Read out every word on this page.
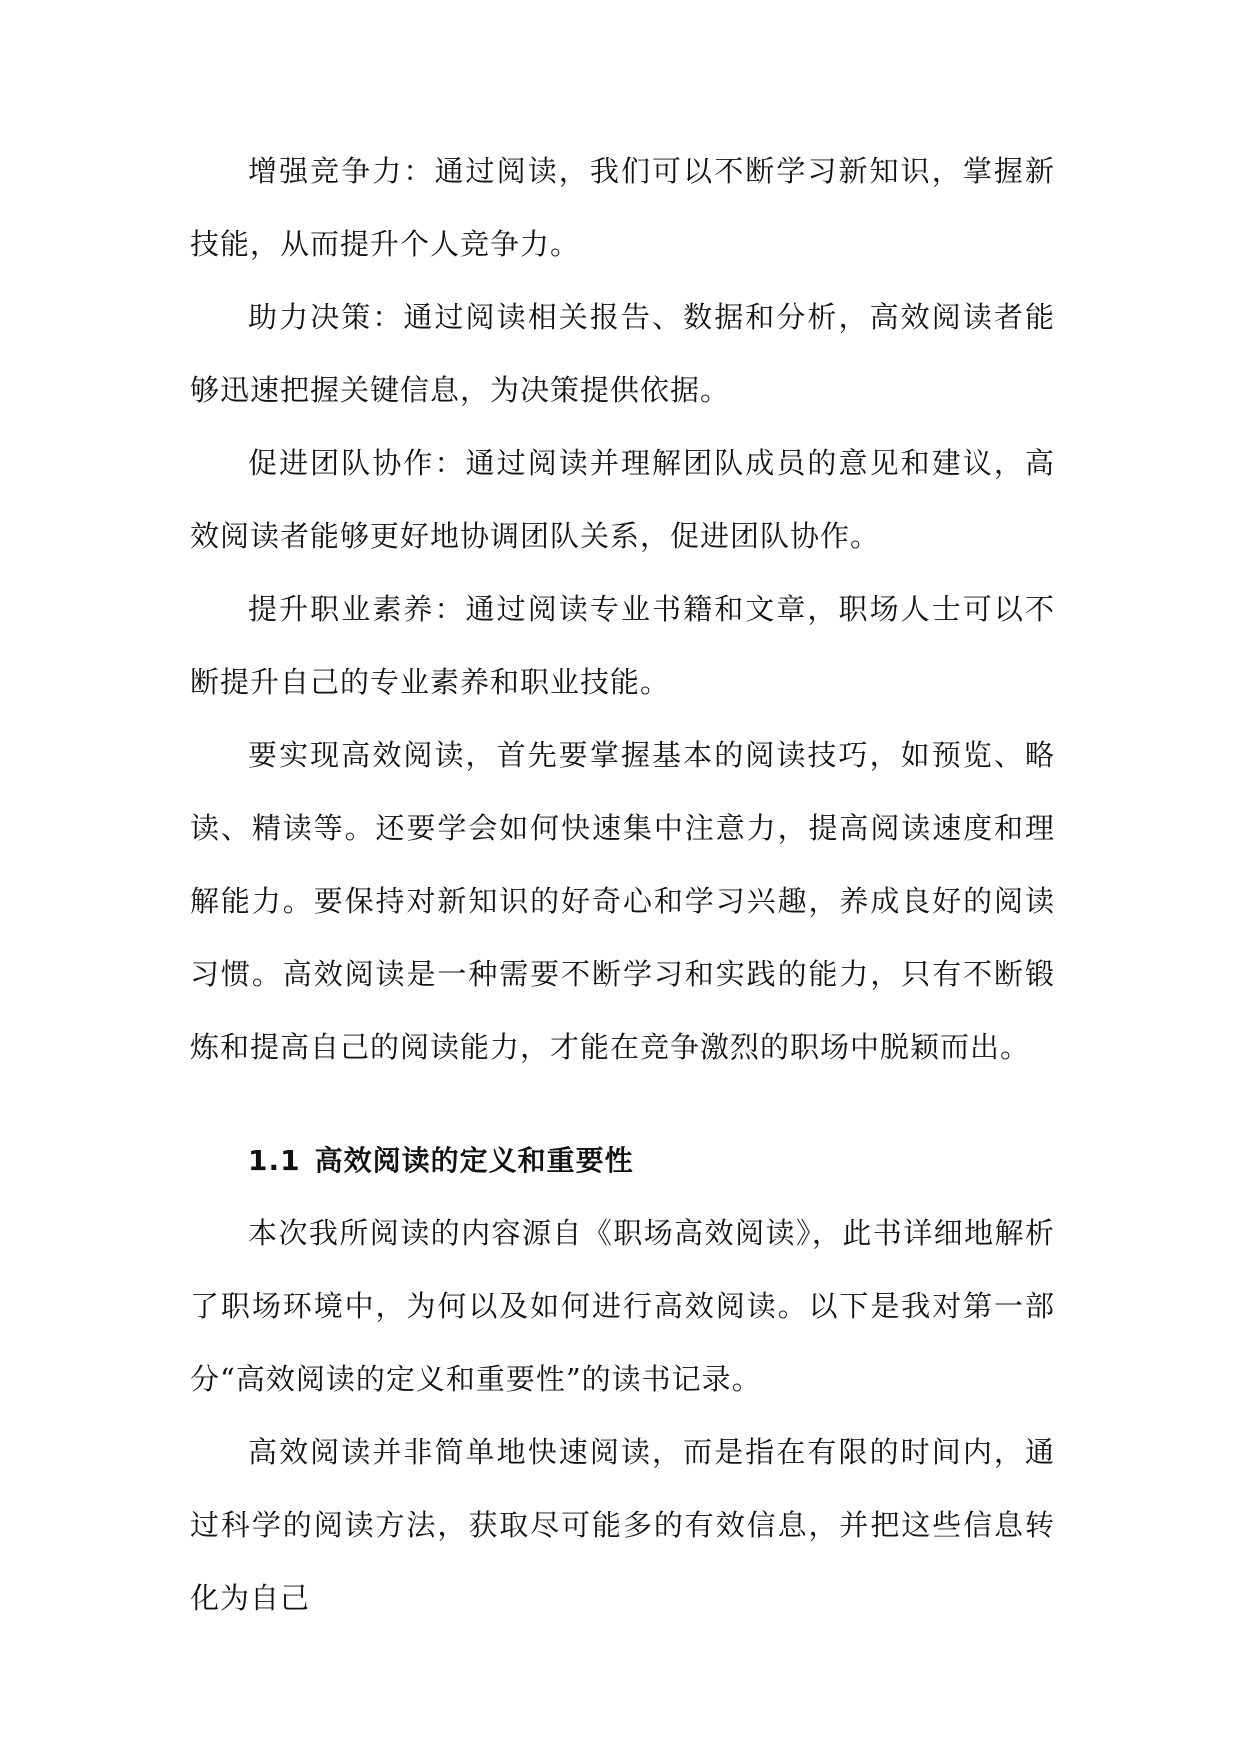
增强竞争力：通过阅读，我们可以不断学习新知识，掌握新技能，从而提升个人竞争力。

助力决策：通过阅读相关报告、数据和分析，高效阅读者能够迅速把握关键信息，为决策提供依据。

促进团队协作：通过阅读并理解团队成员的意见和建议，高效阅读者能够更好地协调团队关系，促进团队协作。

提升职业素养：通过阅读专业书籍和文章，职场人士可以不断提升自己的专业素养和职业技能。

要实现高效阅读，首先要掌握基本的阅读技巧，如预览、略读、精读等。还要学会如何快速集中注意力，提高阅读速度和理解能力。要保持对新知识的好奇心和学习兴趣，养成良好的阅读习惯。高效阅读是一种需要不断学习和实践的能力，只有不断锻炼和提高自己的阅读能力，才能在竞争激烈的职场中脱颖而出。

1.1 高效阅读的定义和重要性

本次我所阅读的内容源自《职场高效阅读》，此书详细地解析了职场环境中，为何以及如何进行高效阅读。以下是我对第一部分“高效阅读的定义和重要性”的读书记录。

高效阅读并非简单地快速阅读，而是指在有限的时间内，通过科学的阅读方法，获取尽可能多的有效信息，并把这些信息转化为自己
